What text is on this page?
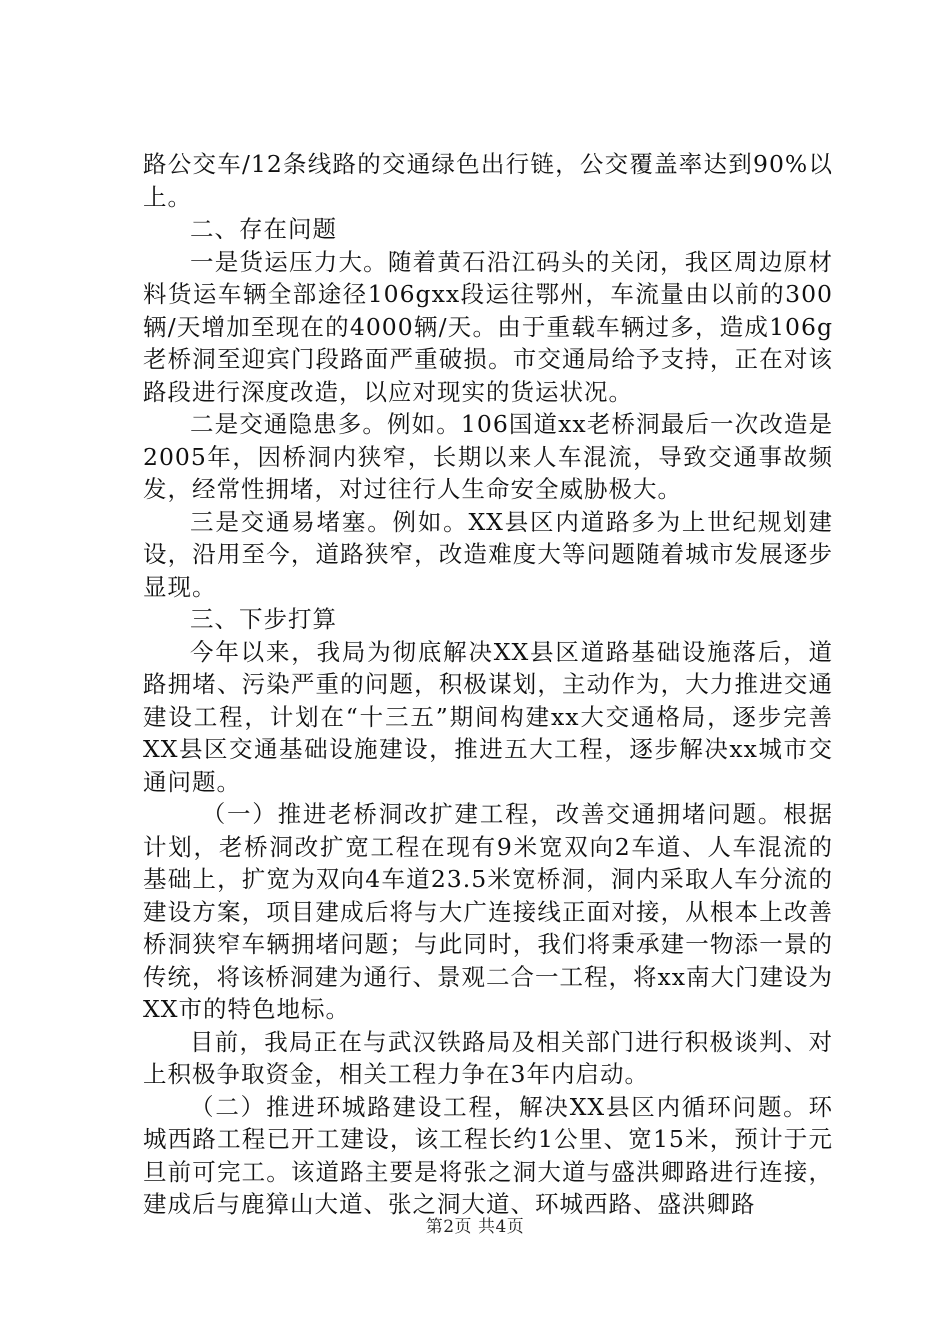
路公交车/12条线路的交通绿色出行链，公交覆盖率达到90%以上。

二、存在问题

一是货运压力大。随着黄石沿江码头的关闭，我区周边原材料货运车辆全部途径106gxx段运往鄂州，车流量由以前的300辆/天增加至现在的4000辆/天。由于重载车辆过多，造成106g老桥洞至迎宾门段路面严重破损。市交通局给予支持，正在对该路段进行深度改造，以应对现实的货运状况。

二是交通隐患多。例如。106国道xx老桥洞最后一次改造是2005年，因桥洞内狭窄，长期以来人车混流，导致交通事故频发，经常性拥堵，对过往行人生命安全威胁极大。

三是交通易堵塞。例如。XX县区内道路多为上世纪规划建设，沿用至今，道路狭窄，改造难度大等问题随着城市发展逐步显现。

三、下步打算

今年以来，我局为彻底解决XX县区道路基础设施落后，道路拥堵、污染严重的问题，积极谋划，主动作为，大力推进交通建设工程，计划在“十三五”期间构建xx大交通格局，逐步完善XX县区交通基础设施建设，推进五大工程，逐步解决xx城市交通问题。

（一）推进老桥洞改扩建工程，改善交通拥堵问题。根据计划，老桥洞改扩宽工程在现有9米宽双向2车道、人车混流的基础上，扩宽为双向4车道23.5米宽桥洞，洞内采取人车分流的建设方案，项目建成后将与大广连接线正面对接，从根本上改善桥洞狭窄车辆拥堵问题；与此同时，我们将秉承建一物添一景的传统，将该桥洞建为通行、景观二合一工程，将xx南大门建设为XX市的特色地标。

目前，我局正在与武汉铁路局及相关部门进行积极谈判、对上积极争取资金，相关工程力争在3年内启动。

（二）推进环城路建设工程，解决XX县区内循环问题。环城西路工程已开工建设，该工程长约1公里、宽15米，预计于元旦前可完工。该道路主要是将张之洞大道与盛洪卿路进行连接，建成后与鹿獐山大道、张之洞大道、环城西路、盛洪卿路

第2页 共4页
